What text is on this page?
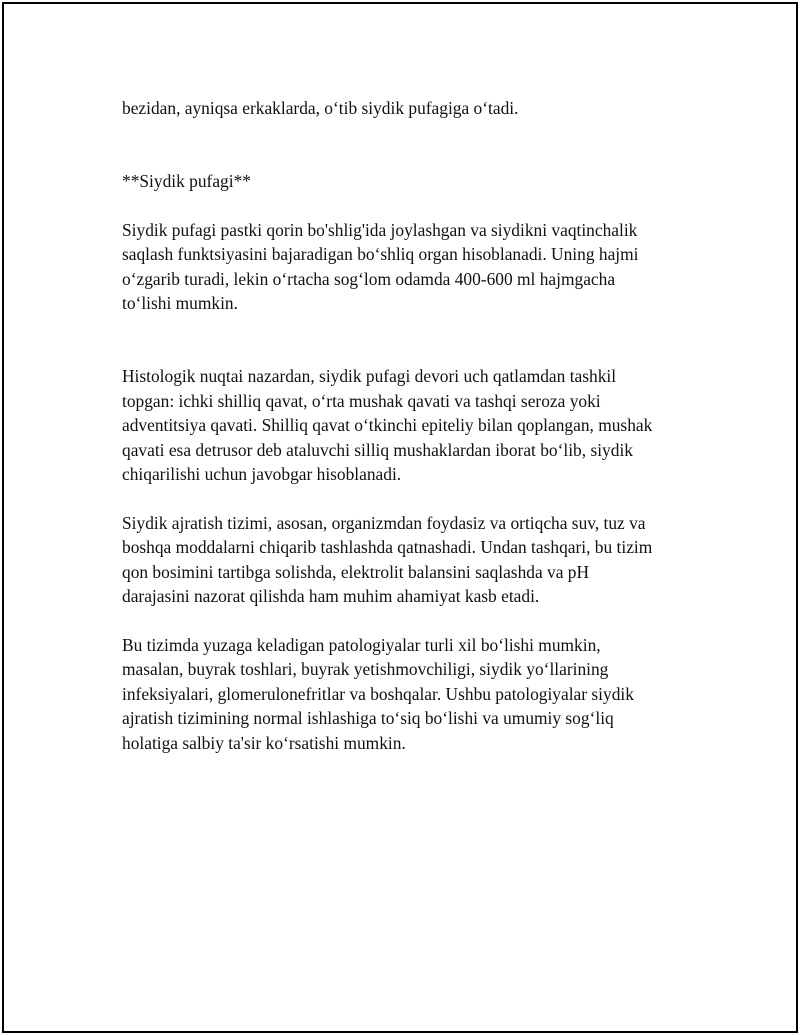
bezidan, ayniqsa erkaklarda, o‘tib siydik pufagiga o‘tadi.

**Siydik pufagi**

Siydik pufagi pastki qorin bo'shlig'ida joylashgan va siydikni vaqtinchalik
saqlash funktsiyasini bajaradigan bo‘shliq organ hisoblanadi. Uning hajmi
o‘zgarib turadi, lekin o‘rtacha sog‘lom odamda 400-600 ml hajmgacha
to‘lishi mumkin.

Histologik nuqtai nazardan, siydik pufagi devori uch qatlamdan tashkil
topgan: ichki shilliq qavat, o‘rta mushak qavati va tashqi seroza yoki
adventitsiya qavati. Shilliq qavat o‘tkinchi epiteliy bilan qoplangan, mushak
qavati esa detrusor deb ataluvchi silliq mushaklardan iborat bo‘lib, siydik
chiqarilishi uchun javobgar hisoblanadi.

Siydik ajratish tizimi, asosan, organizmdan foydasiz va ortiqcha suv, tuz va
boshqa moddalarni chiqarib tashlashda qatnashadi. Undan tashqari, bu tizim
qon bosimini tartibga solishda, elektrolit balansini saqlashda va pH
darajasini nazorat qilishda ham muhim ahamiyat kasb etadi.

Bu tizimda yuzaga keladigan patologiyalar turli xil bo‘lishi mumkin,
masalan, buyrak toshlari, buyrak yetishmovchiligi, siydik yo‘llarining
infeksiyalari, glomerulonefritlar va boshqalar. Ushbu patologiyalar siydik
ajratish tizimining normal ishlashiga to‘siq bo‘lishi va umumiy sog‘liq
holatiga salbiy ta'sir ko‘rsatishi mumkin.
